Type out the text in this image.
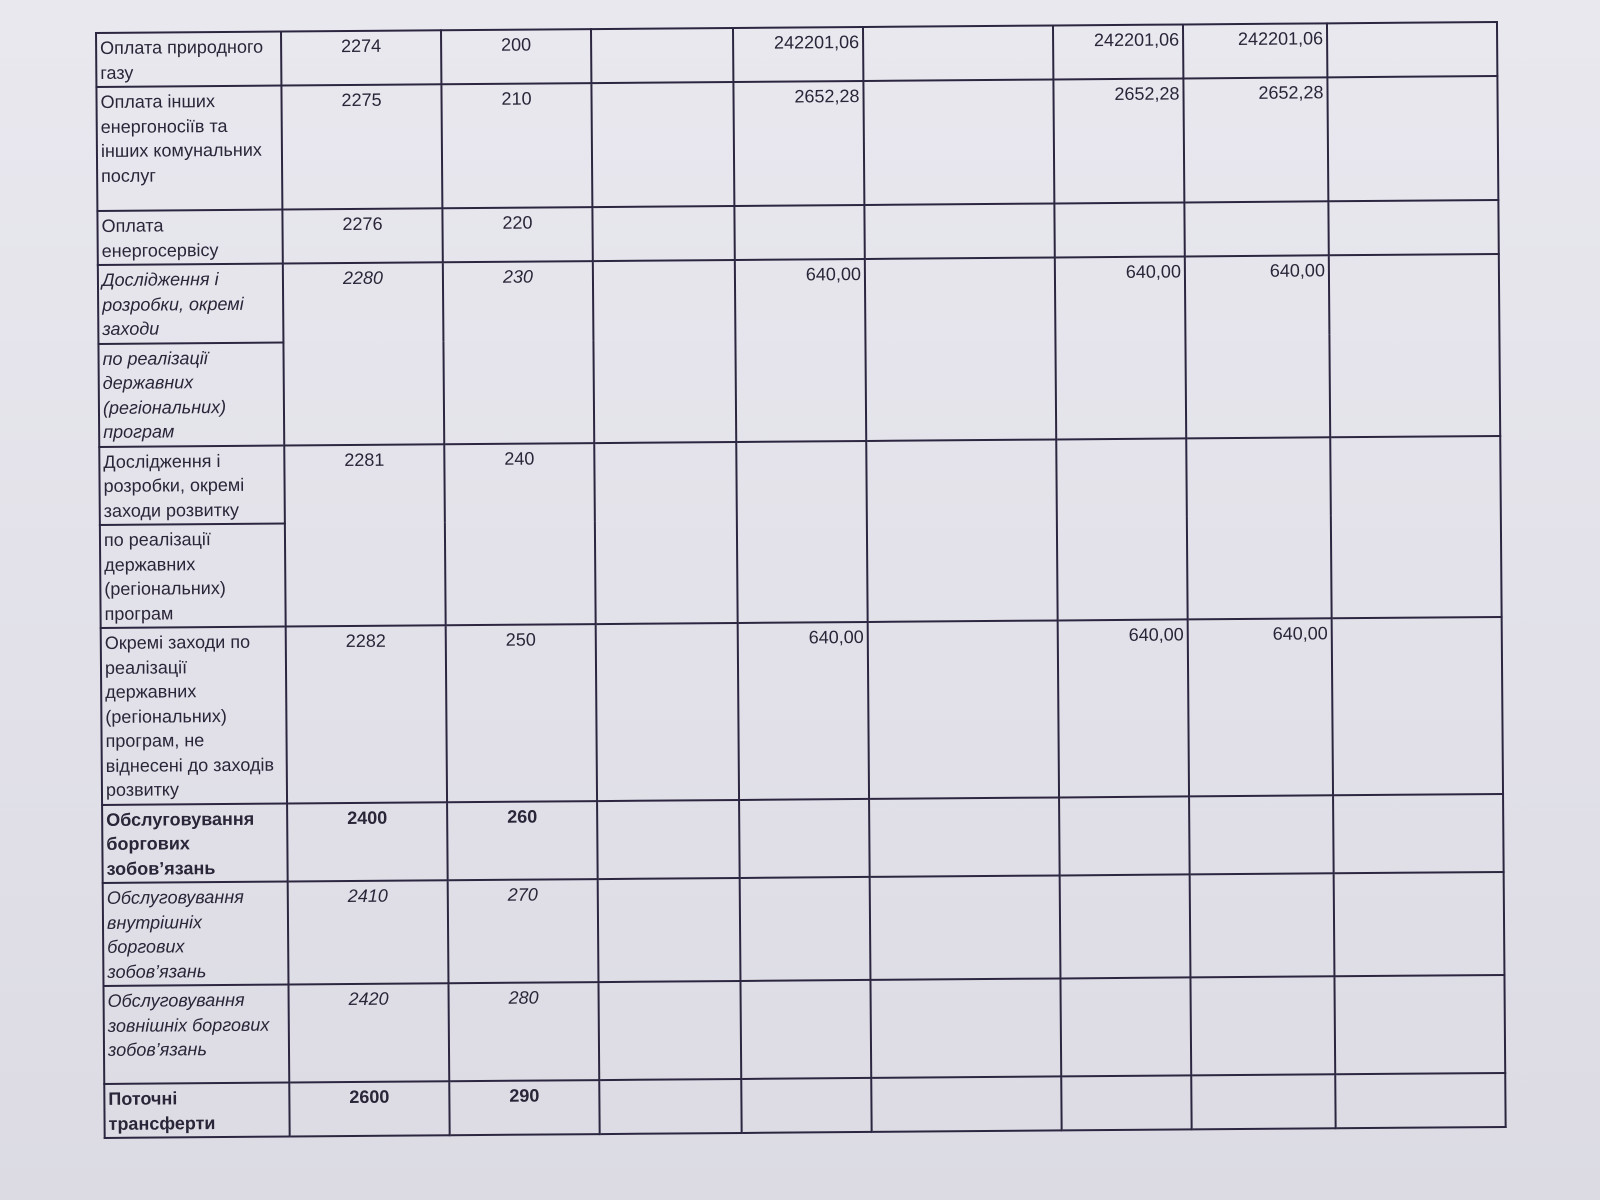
Оплата природного газу	2274	200		242201,06		242201,06	242201,06	
Оплата інших енергоносіїв та інших комунальних послуг	2275	210		2652,28		2652,28	2652,28	
Оплата енергосервісу	2276	220						
Дослідження і розробки, окремі заходи	2280	230		640,00		640,00	640,00	
по реалізації державних (регіональних) програм								
Дослідження і розробки, окремі заходи розвитку	2281	240						
по реалізації державних (регіональних) програм								
Окремі заходи по реалізації державних (регіональних) програм, не віднесені до заходів розвитку	2282	250		640,00		640,00	640,00	
Обслуговування боргових зобов’язань	2400	260						
Обслуговування внутрішніх боргових зобов’язань	2410	270						
Обслуговування зовнішніх боргових зобов’язань	2420	280						
Поточні трансферти	2600	290						
